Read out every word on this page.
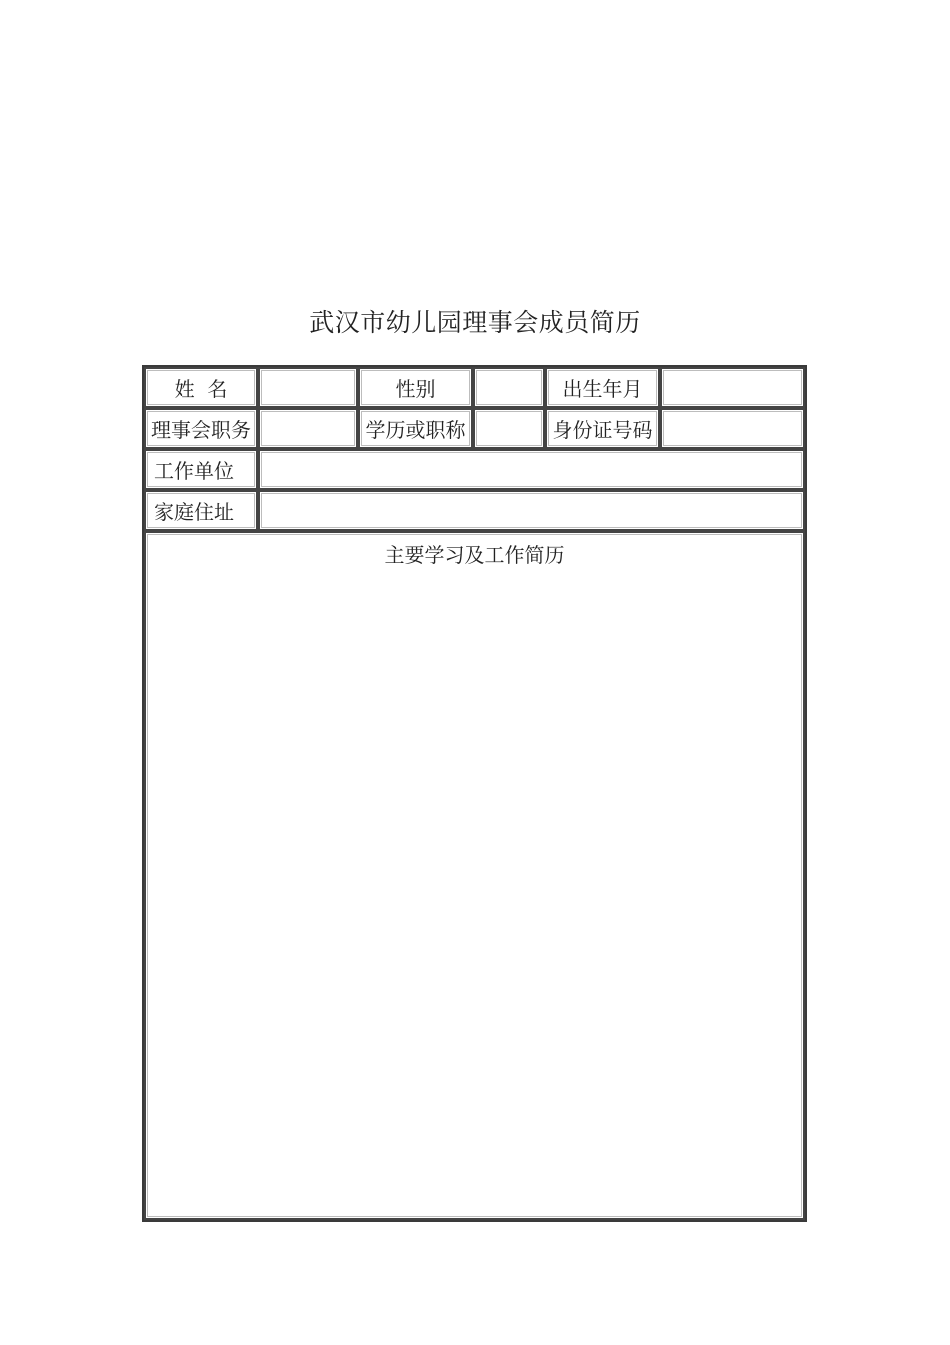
武汉市幼儿园理事会成员简历
姓  名	性别	出生年月
理事会职务	学历或职称	身份证号码
工作单位
家庭住址
主要学习及工作简历
